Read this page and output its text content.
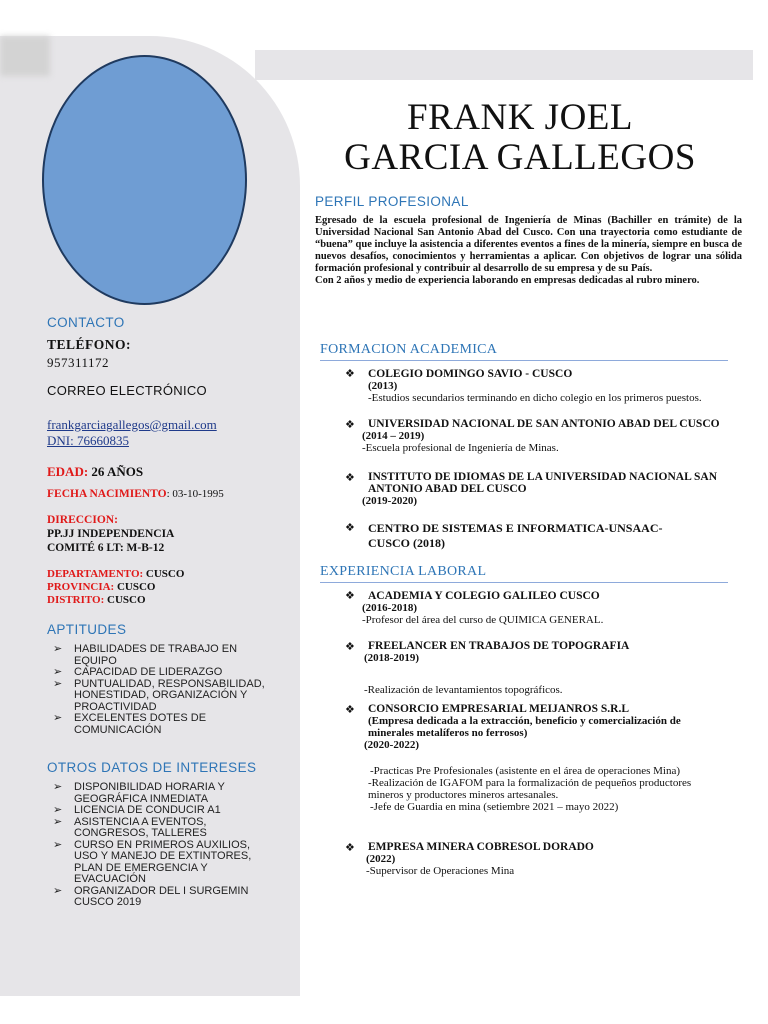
FRANK JOEL
GARCIA GALLEGOS
PERFIL PROFESIONAL
Egresado de la escuela profesional de Ingeniería de Minas (Bachiller en trámite) de la Universidad Nacional San Antonio Abad del Cusco. Con una trayectoria como estudiante de “buena” que incluye la asistencia a diferentes eventos a fines de la minería, siempre en busca de nuevos desafíos, conocimientos y herramientas a aplicar. Con objetivos de lograr una sólida formación profesional y contribuir al desarrollo de su empresa y de su País.
Con 2 años y medio de experiencia laborando en empresas dedicadas al rubro minero.
CONTACTO
TELÉFONO:
957311172
CORREO ELECTRÓNICO
frankgarciagallegos@gmail.com
DNI: 76660835
EDAD: 26 AÑOS
FECHA NACIMIENTO: 03-10-1995
DIRECCION:
PP.JJ INDEPENDENCIA
COMITÉ 6 LT: M-B-12
DEPARTAMENTO: CUSCO
PROVINCIA: CUSCO
DISTRITO: CUSCO
APTITUDES
➢ HABILIDADES DE TRABAJO EN EQUIPO
➢ CAPACIDAD DE LIDERAZGO
➢ PUNTUALIDAD, RESPONSABILIDAD, HONESTIDAD, ORGANIZACIÓN Y PROACTIVIDAD
➢ EXCELENTES DOTES DE COMUNICACIÓN
OTROS DATOS DE INTERESES
➢ DISPONIBILIDAD HORARIA Y GEOGRÁFICA INMEDIATA
➢ LICENCIA DE CONDUCIR A1
➢ ASISTENCIA A EVENTOS, CONGRESOS, TALLERES
➢ CURSO EN PRIMEROS AUXILIOS, USO Y MANEJO DE EXTINTORES, PLAN DE EMERGENCIA Y EVACUACIÓN
➢ ORGANIZADOR DEL I SURGEMIN CUSCO 2019
FORMACION ACADEMICA
❖ COLEGIO DOMINGO SAVIO - CUSCO
(2013)
-Estudios secundarios terminando en dicho colegio en los primeros puestos.
❖	UNIVERSIDAD NACIONAL DE SAN ANTONIO ABAD DEL CUSCO
(2014 – 2019)
-Escuela profesional de Ingeniería de Minas.
❖	INSTITUTO DE IDIOMAS DE LA UNIVERSIDAD NACIONAL SAN ANTONIO ABAD DEL CUSCO
(2019-2020)
❖ CENTRO DE SISTEMAS E INFORMATICA-UNSAAC-CUSCO (2018)
EXPERIENCIA LABORAL
❖	ACADEMIA Y COLEGIO GALILEO CUSCO
(2016-2018)
-Profesor del área del curso de QUIMICA GENERAL.
❖	FREELANCER EN TRABAJOS DE TOPOGRAFIA
(2018-2019)
-Realización de levantamientos topográficos.
❖	CONSORCIO EMPRESARIAL MEIJANROS S.R.L
(Empresa dedicada a la extracción, beneficio y comercialización de minerales metalíferos no ferrosos)
(2020-2022)
-Practicas Pre Profesionales (asistente en el área de operaciones Mina)
-Realización de IGAFOM para la formalización de pequeños productores mineros y productores mineros artesanales.
-Jefe de Guardia en mina (setiembre 2021 – mayo 2022)
❖ EMPRESA MINERA COBRESOL DORADO
(2022)
-Supervisor de Operaciones Mina
